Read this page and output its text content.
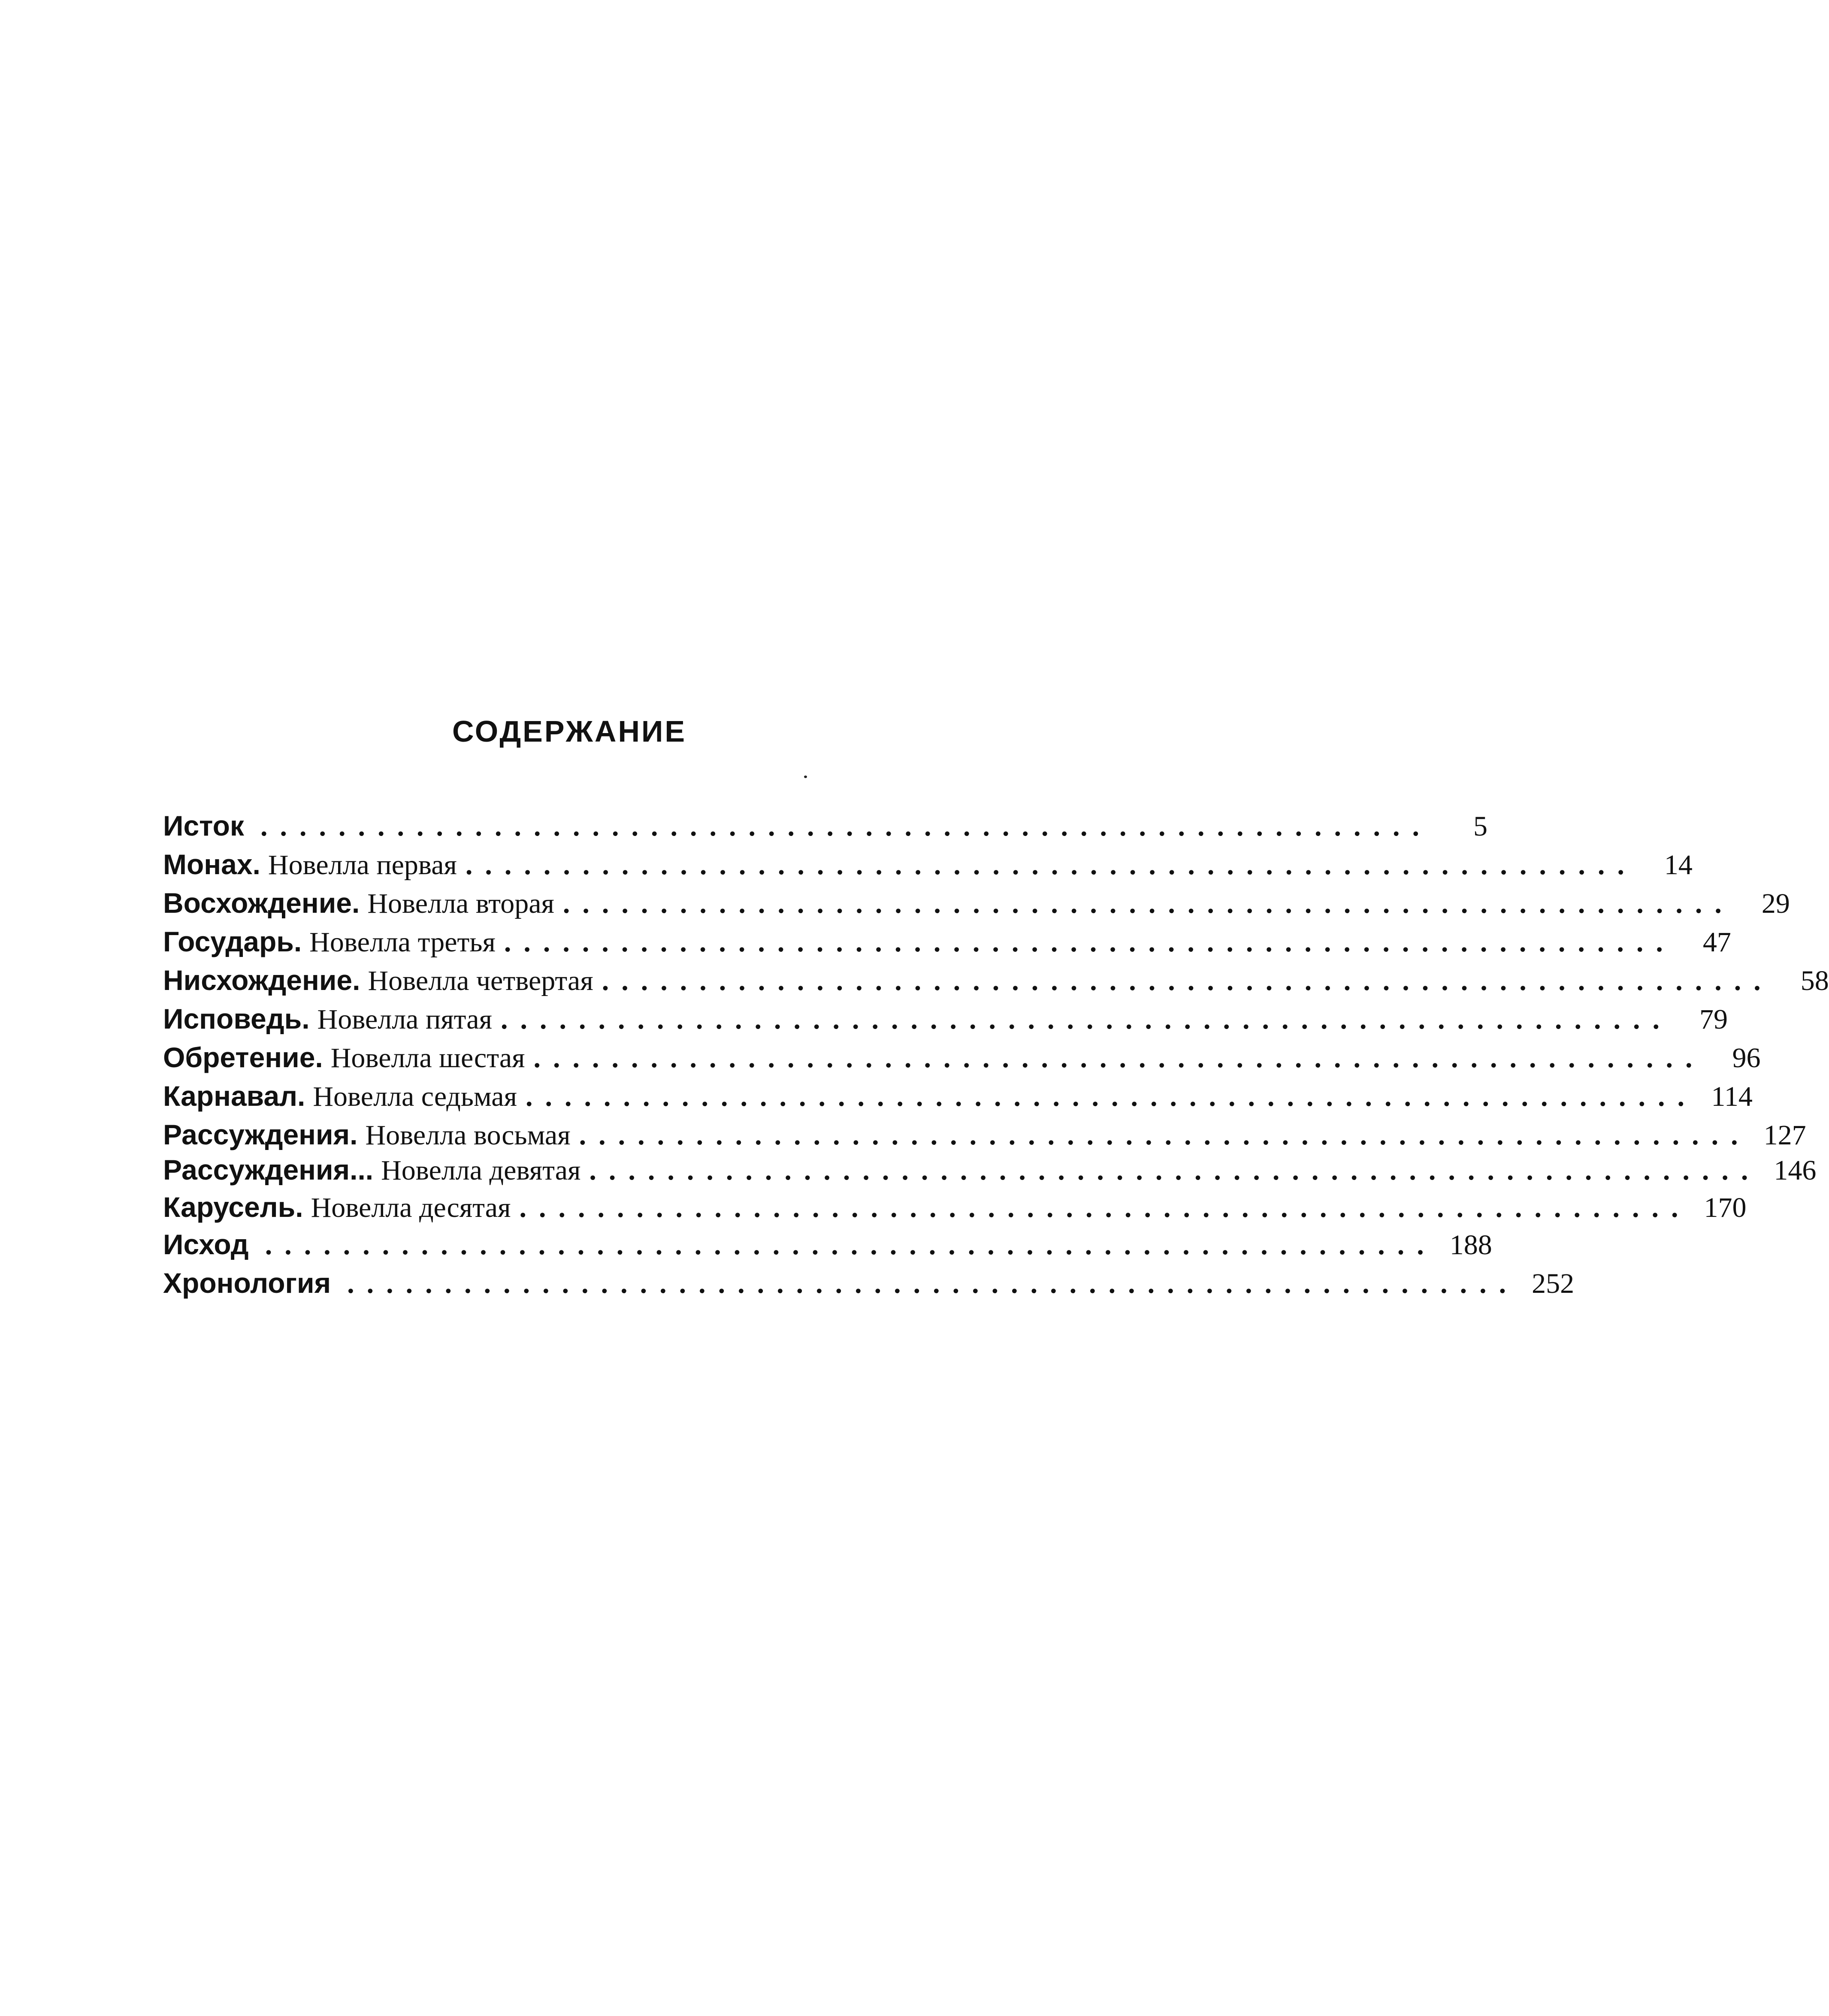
СОДЕРЖАНИЕ
Исток ............................................................	5
Монах. Новелла первая ............................................................ 14
Восхождение. Новелла вторая ............................................................ 29
Государь. Новелла третья ............................................................ 47
Нисхождение. Новелла четвертая ............................................................ 58
Исповедь. Новелла пятая ............................................................ 79
Обретение. Новелла шестая ............................................................ 96
Карнавал. Новелла седьмая ............................................................ 114
Рассуждения. Новелла восьмая ............................................................ 127
Рассуждения... Новелла девятая ............................................................ 146
Карусель. Новелла десятая ............................................................ 170
Исход ............................................................ 188
Хронология ............................................................ 252
